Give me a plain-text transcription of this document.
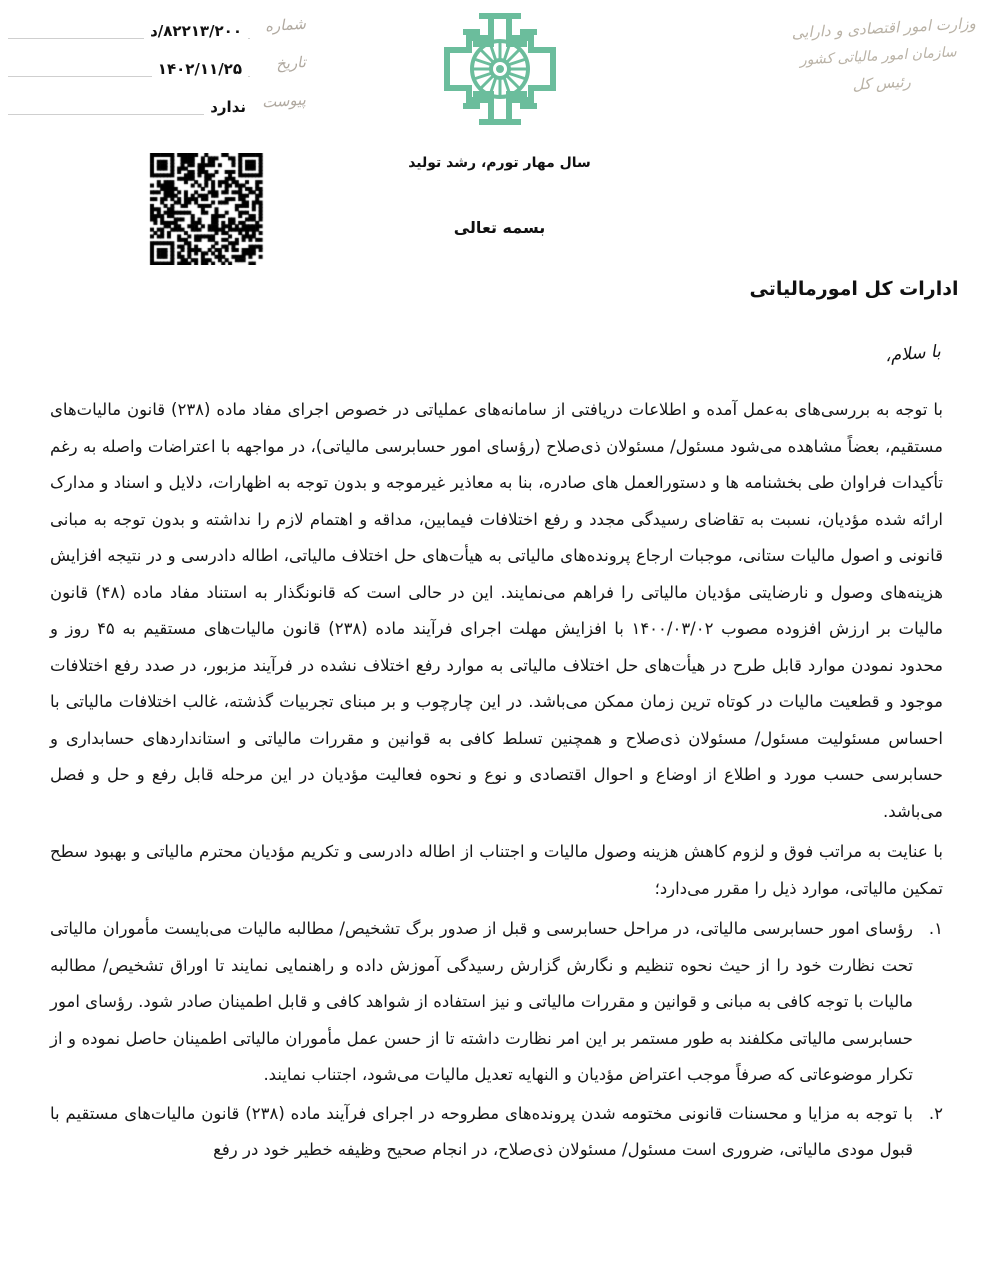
وزارت امور اقتصادی و دارایی
سازمان امور مالیاتی کشور
رئیس کل
شماره
۸۲۲۱۳/۲۰۰/د
تاریخ
۱۴۰۲/۱۱/۲۵
پیوست
ندارد
سال مهار تورم، رشد تولید
بسمه تعالی
ادارات کل امورمالیاتی
با سلام،

با توجه به بررسی‌های به‌عمل آمده و اطلاعات دریافتی از سامانه‌های عملیاتی در خصوص اجرای مفاد ماده (۲۳۸) قانون مالیات‌های مستقیم، بعضاً مشاهده می‌شود مسئول/ مسئولان ذی‌صلاح (رؤسای امور حسابرسی مالیاتی)، در مواجهه با اعتراضات واصله به رغم تأکیدات فراوان طی بخشنامه ها و دستورالعمل های صادره، بنا به معاذیر غیرموجه و بدون توجه به اظهارات، دلایل و اسناد و مدارک ارائه شده مؤدیان، نسبت به تقاضای رسیدگی مجدد و رفع اختلافات فیمابین، مداقه و اهتمام لازم را نداشته و بدون توجه به مبانی قانونی و اصول مالیات ستانی، موجبات ارجاع پرونده‌های مالیاتی به هیأت‌های حل اختلاف مالیاتی، اطاله دادرسی و در نتیجه افزایش هزینه‌های وصول و نارضایتی مؤدیان مالیاتی را فراهم می‌نمایند. این در حالی است که قانونگذار به استناد مفاد ماده (۴۸) قانون مالیات بر ارزش افزوده مصوب ۱۴۰۰/۰۳/۰۲ با افزایش مهلت اجرای فرآیند ماده (۲۳۸) قانون مالیات‌های مستقیم به ۴۵ روز و محدود نمودن موارد قابل طرح در هیأت‌های حل اختلاف مالیاتی به موارد رفع اختلاف نشده در فرآیند مزبور، در صدد رفع اختلافات موجود و قطعیت مالیات در کوتاه ترین زمان ممکن می‌باشد. در این چارچوب و بر مبنای تجربیات گذشته، غالب اختلافات مالیاتی با احساس مسئولیت مسئول/ مسئولان ذی‌صلاح و همچنین تسلط کافی به قوانین و مقررات مالیاتی و استانداردهای حسابداری و حسابرسی حسب مورد و اطلاع از اوضاع و احوال اقتصادی و نوع و نحوه فعالیت مؤدیان در این مرحله قابل رفع و حل و فصل می‌باشد.

با عنایت به مراتب فوق و لزوم کاهش هزینه وصول مالیات و اجتناب از اطاله دادرسی و تکریم مؤدیان محترم مالیاتی و بهبود سطح تمکین مالیاتی، موارد ذیل را مقرر می‌دارد؛

۱.
رؤسای امور حسابرسی مالیاتی، در مراحل حسابرسی و قبل از صدور برگ تشخیص/ مطالبه مالیات می‌بایست مأموران مالیاتی تحت نظارت خود را از حیث نحوه تنظیم و نگارش گزارش رسیدگی آموزش داده و راهنمایی نمایند تا اوراق تشخیص/ مطالبه مالیات با توجه کافی به مبانی و قوانین و مقررات مالیاتی و نیز استفاده از شواهد کافی و قابل اطمینان صادر شود. رؤسای امور حسابرسی مالیاتی مکلفند به طور مستمر بر این امر نظارت داشته تا از حسن عمل مأموران مالیاتی اطمینان حاصل نموده و از تکرار موضوعاتی که صرفاً موجب اعتراض مؤدیان و النهایه تعدیل مالیات می‌شود، اجتناب نمایند.
۲.
با توجه به مزایا و محسنات قانونی مختومه شدن پرونده‌های مطروحه در اجرای فرآیند ماده (۲۳۸) قانون مالیات‌های مستقیم با قبول مودی مالیاتی، ضروری است مسئول/ مسئولان ذی‌صلاح، در انجام صحیح وظیفه خطیر خود در رفع
